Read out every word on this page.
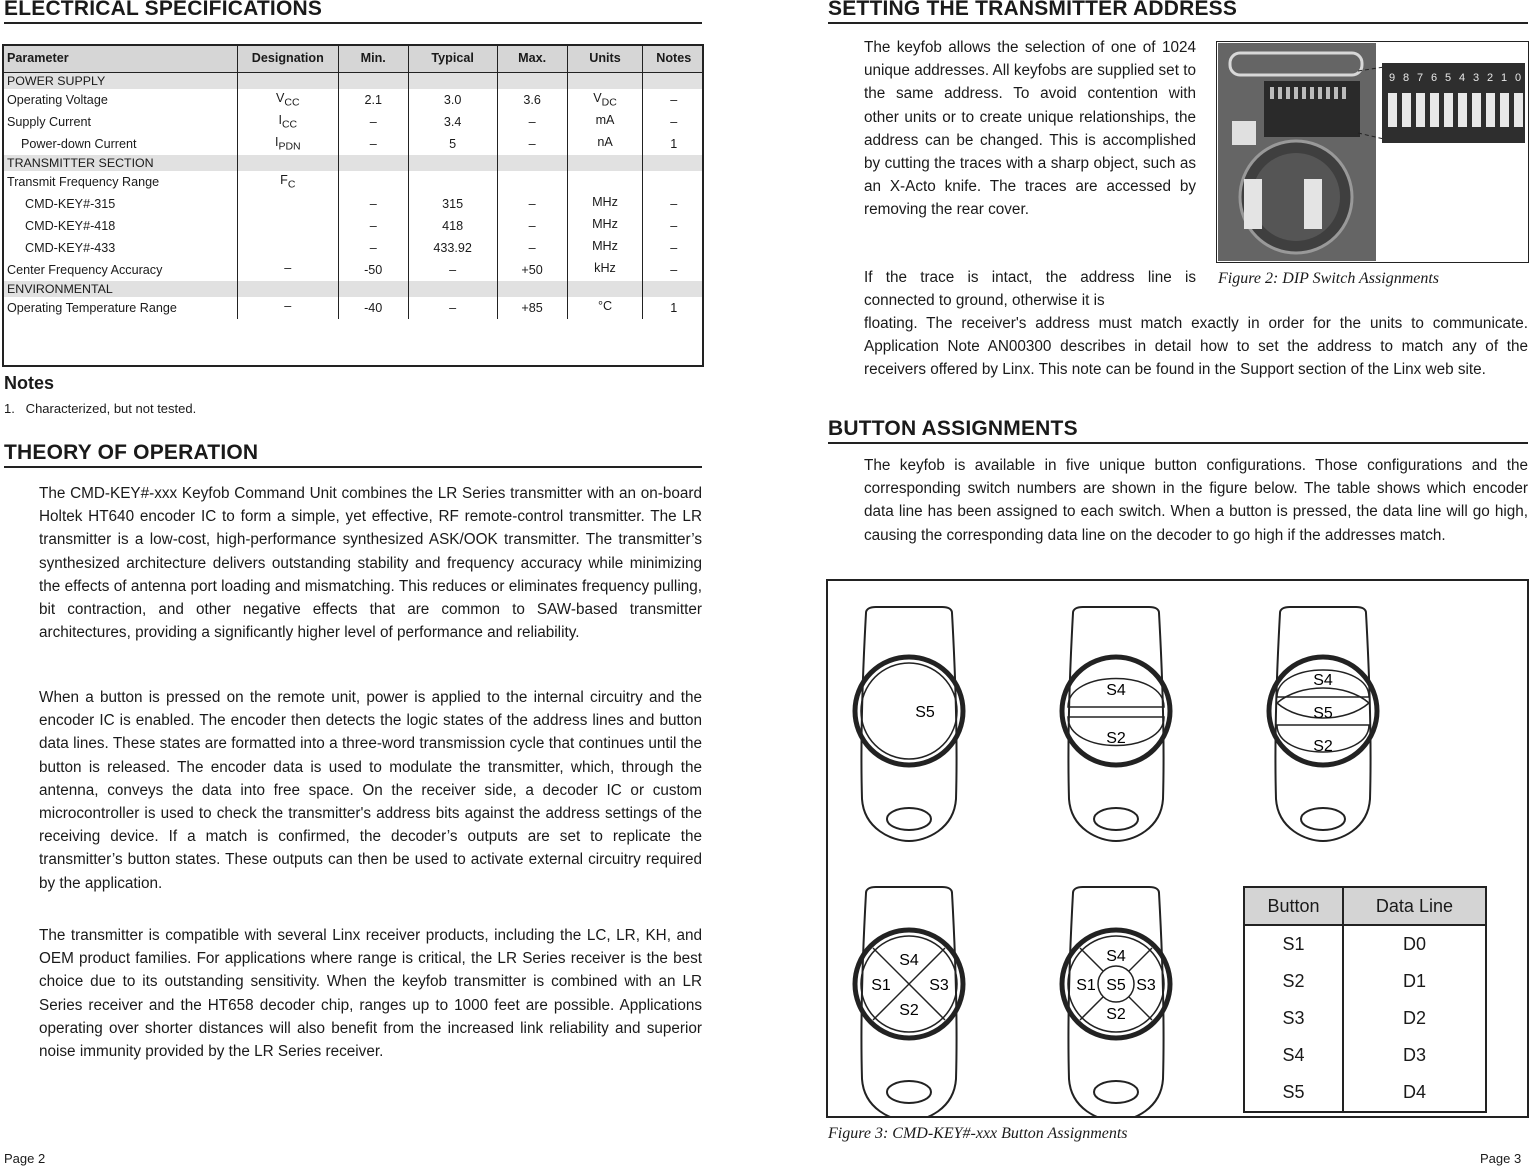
ELECTRICAL SPECIFICATIONS
Parameter	Designation	Min.	Typical	Max.	Units	Notes
POWER SUPPLY						
Operating Voltage	$V_{CC}$	2.1	3.0	3.6	$V_{DC}$	–
Supply Current	$I_{CC}$	–	3.4	–	mA	–
Power-down Current	$I_{PDN}$	–	5	–	nA	1
TRANSMITTER SECTION						
Transmit Frequency Range	$F_C$					
CMD-KEY#-315		–	315	–	MHz	–
CMD-KEY#-418		–	418	–	MHz	–
CMD-KEY#-433		–	433.92	–	MHz	–
Center Frequency Accuracy	–	-50	–	+50	kHz	–
ENVIRONMENTAL						
Operating Temperature Range	–	-40	–	+85	°C	1
Notes
1.   Characterized, but not tested.
THEORY OF OPERATION

The CMD-KEY#-xxx Keyfob Command Unit combines the LR Series transmitter with an on-board Holtek HT640 encoder IC to form a simple, yet effective, RF remote-control transmitter. The LR transmitter is a low-cost, high-performance synthesized ASK/OOK transmitter. The transmitter’s synthesized architecture delivers outstanding stability and frequency accuracy while minimizing the effects of antenna port loading and mismatching. This reduces or eliminates frequency pulling, bit contraction, and other negative effects that are common to SAW-based transmitter architectures, providing a significantly higher level of performance and reliability.

When a button is pressed on the remote unit, power is applied to the internal circuitry and the encoder IC is enabled. The encoder then detects the logic states of the address lines and button data lines. These states are formatted into a three-word transmission cycle that continues until the button is released. The encoder data is used to modulate the transmitter, which, through the antenna, conveys the data into free space. On the receiver side, a decoder IC or custom microcontroller is used to check the transmitter's address bits against the address settings of the receiving device. If a match is confirmed, the decoder’s outputs are set to replicate the transmitter’s button states. These outputs can then be used to activate external circuitry required by the application.

The transmitter is compatible with several Linx receiver products, including the LC, LR, KH, and OEM product families. For applications where range is critical, the LR Series receiver is the best choice due to its outstanding sensitivity. When the keyfob transmitter is combined with an LR Series receiver and the HT658 decoder chip, ranges up to 1000 feet are possible. Applications operating over shorter distances will also benefit from the increased link reliability and superior noise immunity provided by the LR Series receiver.

Page 2
SETTING THE TRANSMITTER ADDRESS

The keyfob allows the selection of one of 1024 unique addresses. All keyfobs are supplied set to the same address. To avoid contention with other units or to create unique relationships, the address can be changed. This is accomplished by cutting the traces with a sharp object, such as an X-Acto knife. The traces are accessed by removing the rear cover.

If the trace is intact, the address line is connected to ground, otherwise it is

floating. The receiver's address must match exactly in order for the units to communicate. Application Note AN00300 describes in detail how to set the address to match any of the receivers offered by Linx. This note can be found in the Support section of the Linx web site.

9 8 7 6 5 4 3 2 1 0
Figure 2: DIP Switch Assignments
BUTTON ASSIGNMENTS

The keyfob is available in five unique button configurations. Those configurations and the corresponding switch numbers are shown in the figure below. The table shows which encoder data line has been assigned to each switch. When a button is pressed, the data line will go high, causing the corresponding data line on the decoder to go high if the addresses match.

S5
S4
S2
S4
S5
S2
S4
S1 S3
S2
S4
S1 S5 S3
S2
Button	Data Line
S1	D0
S2	D1
S3	D2
S4	D3
S5	D4
Figure 3: CMD-KEY#-xxx Button Assignments
Page 3
